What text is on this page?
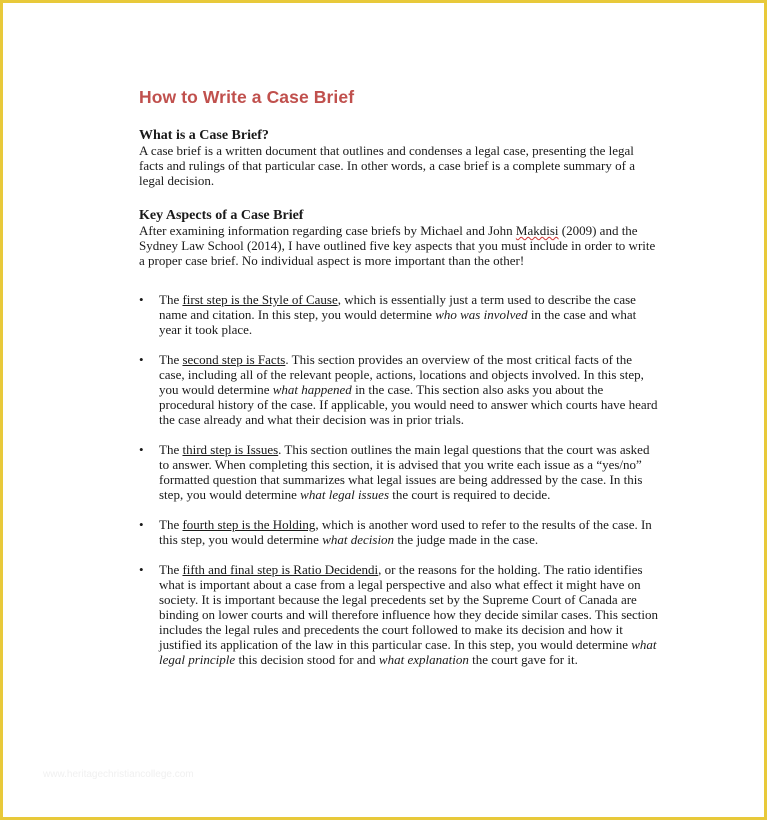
How to Write a Case Brief
What is a Case Brief?

A case brief is a written document that outlines and condenses a legal case, presenting the legal facts and rulings of that particular case. In other words, a case brief is a complete summary of a legal decision.

Key Aspects of a Case Brief

After examining information regarding case briefs by Michael and John Makdisi (2009) and the Sydney Law School (2014), I have outlined five key aspects that you must include in order to write a proper case brief. No individual aspect is more important than the other!

• The first step is the Style of Cause, which is essentially just a term used to describe the case name and citation. In this step, you would determine who was involved in the case and what year it took place.
• The second step is Facts. This section provides an overview of the most critical facts of the case, including all of the relevant people, actions, locations and objects involved. In this step, you would determine what happened in the case. This section also asks you about the procedural history of the case. If applicable, you would need to answer which courts have heard the case already and what their decision was in prior trials.
• The third step is Issues. This section outlines the main legal questions that the court was asked to answer. When completing this section, it is advised that you write each issue as a “yes/no” formatted question that summarizes what legal issues are being addressed by the case. In this step, you would determine what legal issues the court is required to decide.
• The fourth step is the Holding, which is another word used to refer to the results of the case. In this step, you would determine what decision the judge made in the case.
• The fifth and final step is Ratio Decidendi, or the reasons for the holding. The ratio identifies what is important about a case from a legal perspective and also what effect it might have on society. It is important because the legal precedents set by the Supreme Court of Canada are binding on lower courts and will therefore influence how they decide similar cases. This section includes the legal rules and precedents the court followed to make its decision and how it justified its application of the law in this particular case. In this step, you would determine what legal principle this decision stood for and what explanation the court gave for it.
www.heritagechristiancollege.com
